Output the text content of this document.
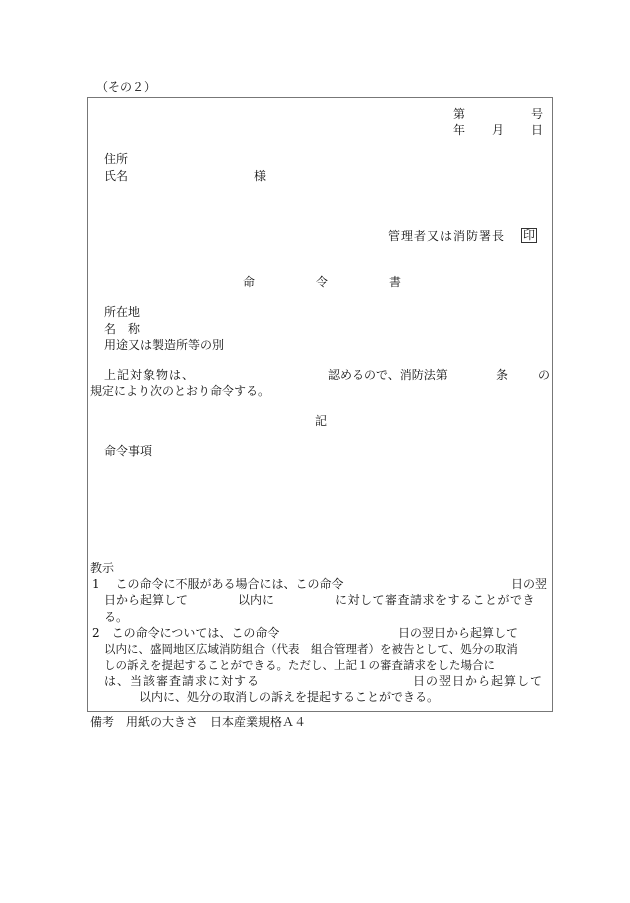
（その２）
第	号
年 月 日
住所
氏名	様
管理者又は消防署長 印
命	令	書
所在地
名　称
用途又は製造所等の別
上記対象物は、	認めるので、消防法第	条 の
規定により次のとおり命令する。
記
命令事項
教示
1　 この命令に不服がある場合には、この命令	日の翌
日から起算して	以内に	に対して審査請求をすることができ
る。
2　この命令については、この命令	日の翌日から起算して
以内に、盛岡地区広域消防組合（代表　組合管理者）を被告として、処分の取消
しの訴えを提起することができる。ただし、上記１の審査請求をした場合に
は、当該審査請求に対する	日の翌日から起算して
以内に、処分の取消しの訴えを提起することができる。
備考　用紙の大きさ　日本産業規格Ａ４
